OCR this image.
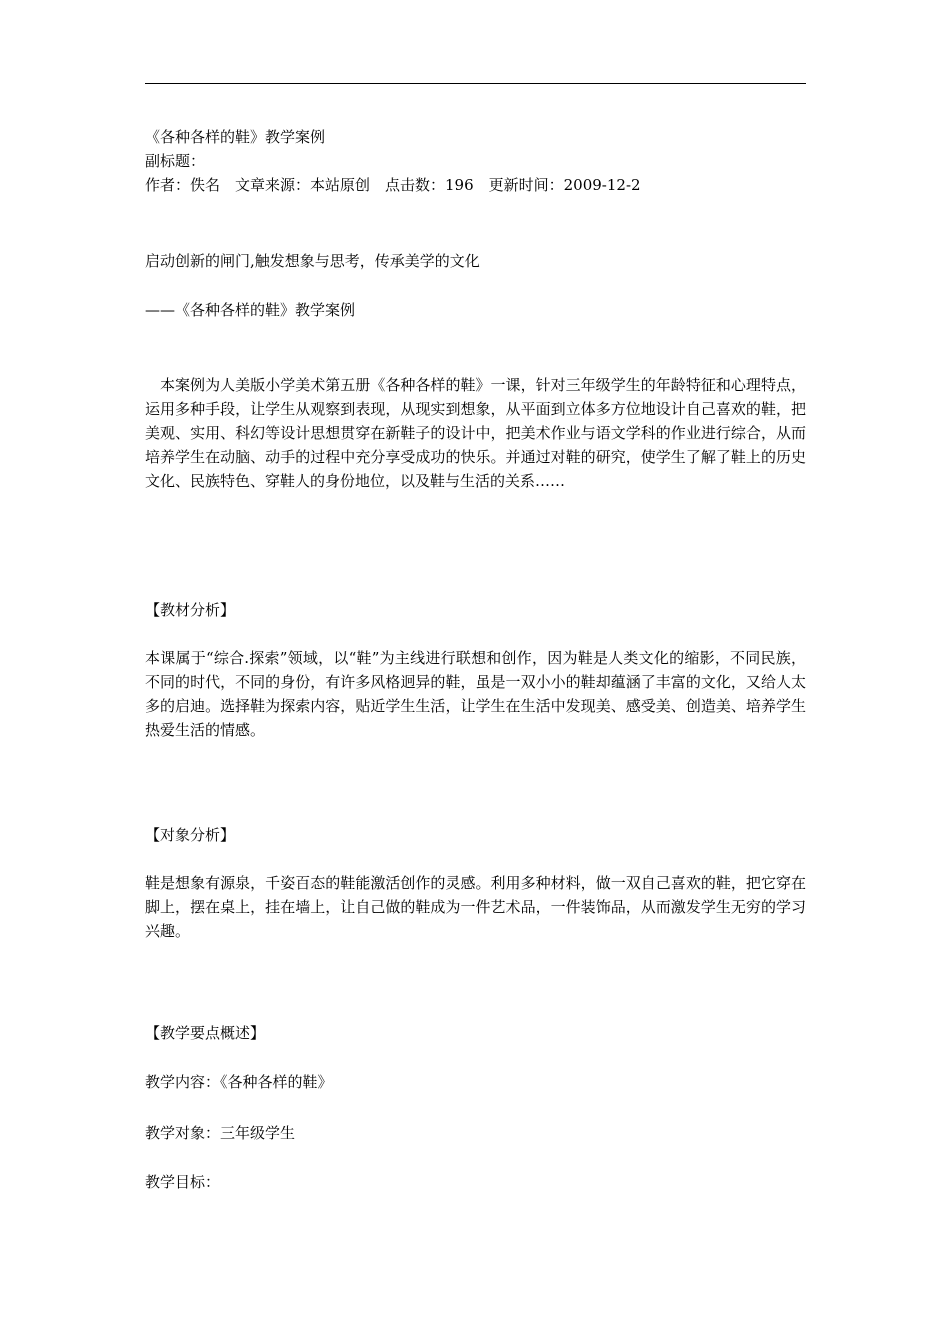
《各种各样的鞋》教学案例

副标题：

作者：佚名　文章来源：本站原创　点击数：196　更新时间：2009-12-2

启动创新的闸门,触发想象与思考，传承美学的文化

——《各种各样的鞋》教学案例

本案例为人美版小学美术第五册《各种各样的鞋》一课，针对三年级学生的年龄特征和心理特点，运用多种手段，让学生从观察到表现，从现实到想象，从平面到立体多方位地设计自己喜欢的鞋，把美观、实用、科幻等设计思想贯穿在新鞋子的设计中，把美术作业与语文学科的作业进行综合，从而培养学生在动脑、动手的过程中充分享受成功的快乐。并通过对鞋的研究，使学生了解了鞋上的历史文化、民族特色、穿鞋人的身份地位，以及鞋与生活的关系……

【教材分析】

本课属于“综合.探索”领域，以“鞋”为主线进行联想和创作，因为鞋是人类文化的缩影，不同民族，不同的时代，不同的身份，有许多风格迥异的鞋，虽是一双小小的鞋却蕴涵了丰富的文化，又给人太多的启迪。选择鞋为探索内容，贴近学生生活，让学生在生活中发现美、感受美、创造美、培养学生热爱生活的情感。

【对象分析】

鞋是想象有源泉，千姿百态的鞋能激活创作的灵感。利用多种材料，做一双自己喜欢的鞋，把它穿在脚上，摆在桌上，挂在墙上，让自己做的鞋成为一件艺术品，一件装饰品，从而激发学生无穷的学习兴趣。

【教学要点概述】

教学内容：《各种各样的鞋》

教学对象：三年级学生

教学目标：
